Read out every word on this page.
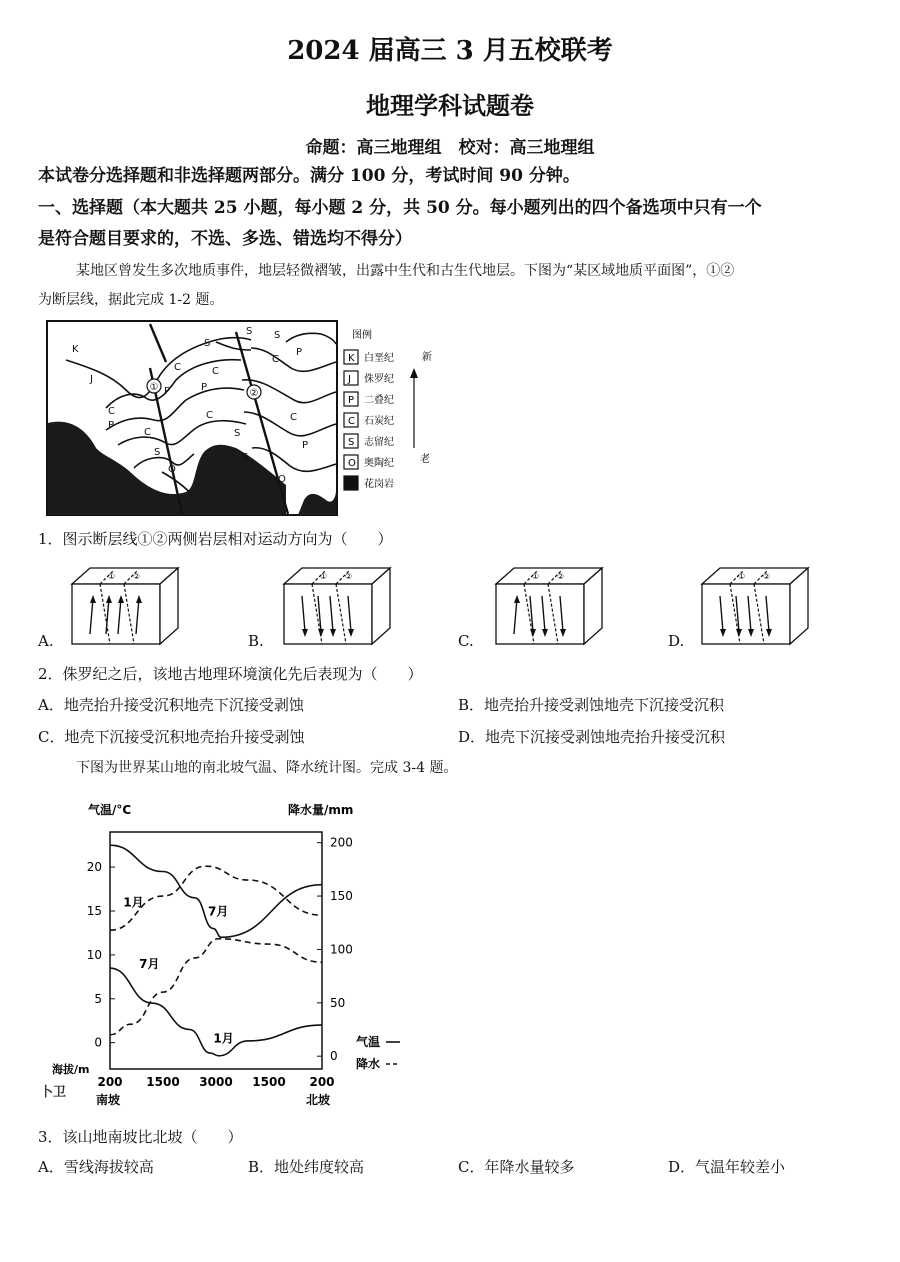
2024 届高三 3 月五校联考
地理学科试题卷
命题：高三地理组　校对：高三地理组
本试卷分选择题和非选择题两部分。满分 100 分，考试时间 90 分钟。
一、选择题（本大题共 25 小题，每小题 2 分，共 50 分。每小题列出的四个备选项中只有一个
是符合题目要求的，不选、多选、错选均不得分）
某地区曾发生多次地质事件，地层轻微褶皱，出露中生代和古生代地层。下图为“某区域地质平面图”，①②
为断层线，据此完成 1-2 题。
①
②
K
J
S
S S
C	C
C
P	P
P
C
P
C
S
S
O
C
S
C
P
O
图例
K 白垩纪
J 侏罗纪
P 二叠纪
C 石炭纪
S 志留纪
O 奥陶纪
花岗岩
新
老
1．图示断层线①②两侧岩层相对运动方向为（　　）
① ②	① ②	① ②	① ②
A.	B.	C.	D.
2．侏罗纪之后，该地古地理环境演化先后表现为（　　）
A．地壳抬升接受沉积地壳下沉接受剥蚀	B．地壳抬升接受剥蚀地壳下沉接受沉积
C．地壳下沉接受沉积地壳抬升接受剥蚀	D．地壳下沉接受剥蚀地壳抬升接受沉积
下图为世界某山地的南北坡气温、降水统计图。完成 3-4 题。
气温/°C	降水量/mm
0
5
10
15
20
0
50
100
150
200
200 1500 3000 1500 200
1月
7月
7月
1月
海拔/m
南坡	北坡
气温
降水
卜卫
3．该山地南坡比北坡（　　）
A．雪线海拔较高	B．地处纬度较高	C．年降水量较多	D．气温年较差小
